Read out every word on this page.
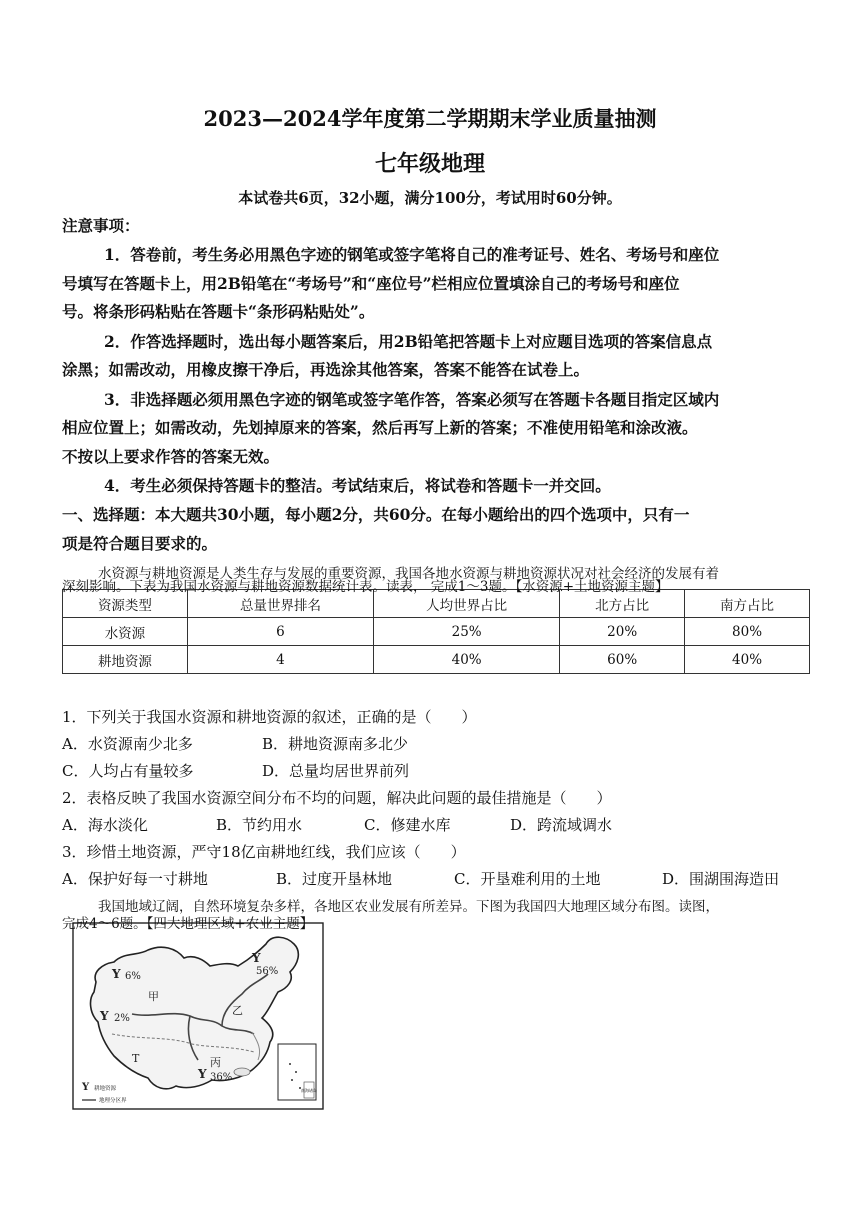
2023—2024学年度第二学期期末学业质量抽测
七年级地理
本试卷共6页，32小题，满分100分，考试用时60分钟。
注意事项：
1．答卷前，考生务必用黑色字迹的钢笔或签字笔将自己的准考证号、姓名、考场号和座位
号填写在答题卡上，用2B铅笔在“考场号”和“座位号”栏相应位置填涂自己的考场号和座位
号。将条形码粘贴在答题卡“条形码粘贴处”。
2．作答选择题时，选出每小题答案后，用2B铅笔把答题卡上对应题目选项的答案信息点
涂黑；如需改动，用橡皮擦干净后，再选涂其他答案，答案不能答在试卷上。
3．非选择题必须用黑色字迹的钢笔或签字笔作答，答案必须写在答题卡各题目指定区域内
相应位置上；如需改动，先划掉原来的答案，然后再写上新的答案；不准使用铅笔和涂改液。
不按以上要求作答的答案无效。
4．考生必须保持答题卡的整洁。考试结束后，将试卷和答题卡一并交回。
一、选择题：本大题共30小题，每小题2分，共60分。在每小题给出的四个选项中，只有一
项是符合题目要求的。
水资源与耕地资源是人类生存与发展的重要资源，我国各地水资源与耕地资源状况对社会经济的发展有着
资源类型	总量世界排名	人均世界占比	北方占比	南方占比
水资源	6	25%	20%	80%
耕地资源	4	40%	60%	40%
1．下列关于我国水资源和耕地资源的叙述，正确的是（　　）
A．水资源南少北多	B．耕地资源南多北少
C．人均占有量较多	D．总量均居世界前列
2．表格反映了我国水资源空间分布不均的问题，解决此问题的最佳措施是（　　）
A．海水淡化	B．节约用水	C．修建水库	D．跨流域调水
3．珍惜土地资源，严守18亿亩耕地红线，我们应该（　　）
A．保护好每一寸耕地	B．过度开垦林地	C．开垦难利用的土地	D．围湖围海造田
我国地域辽阔，自然环境复杂多样，各地区农业发展有所差异。下图为我国四大地理区域分布图。读图，
南海诸岛
Y 6%
Y
56%
Y 2%
Y 36%
甲
乙
丙
T
Y 耕地资源
地理分区界
深刻影响。下表为我国水资源与耕地资源数据统计表。读表， 完成1～3题。【水资源+土地资源主题】
完成4～6题。【四大地理区域+农业主题】
